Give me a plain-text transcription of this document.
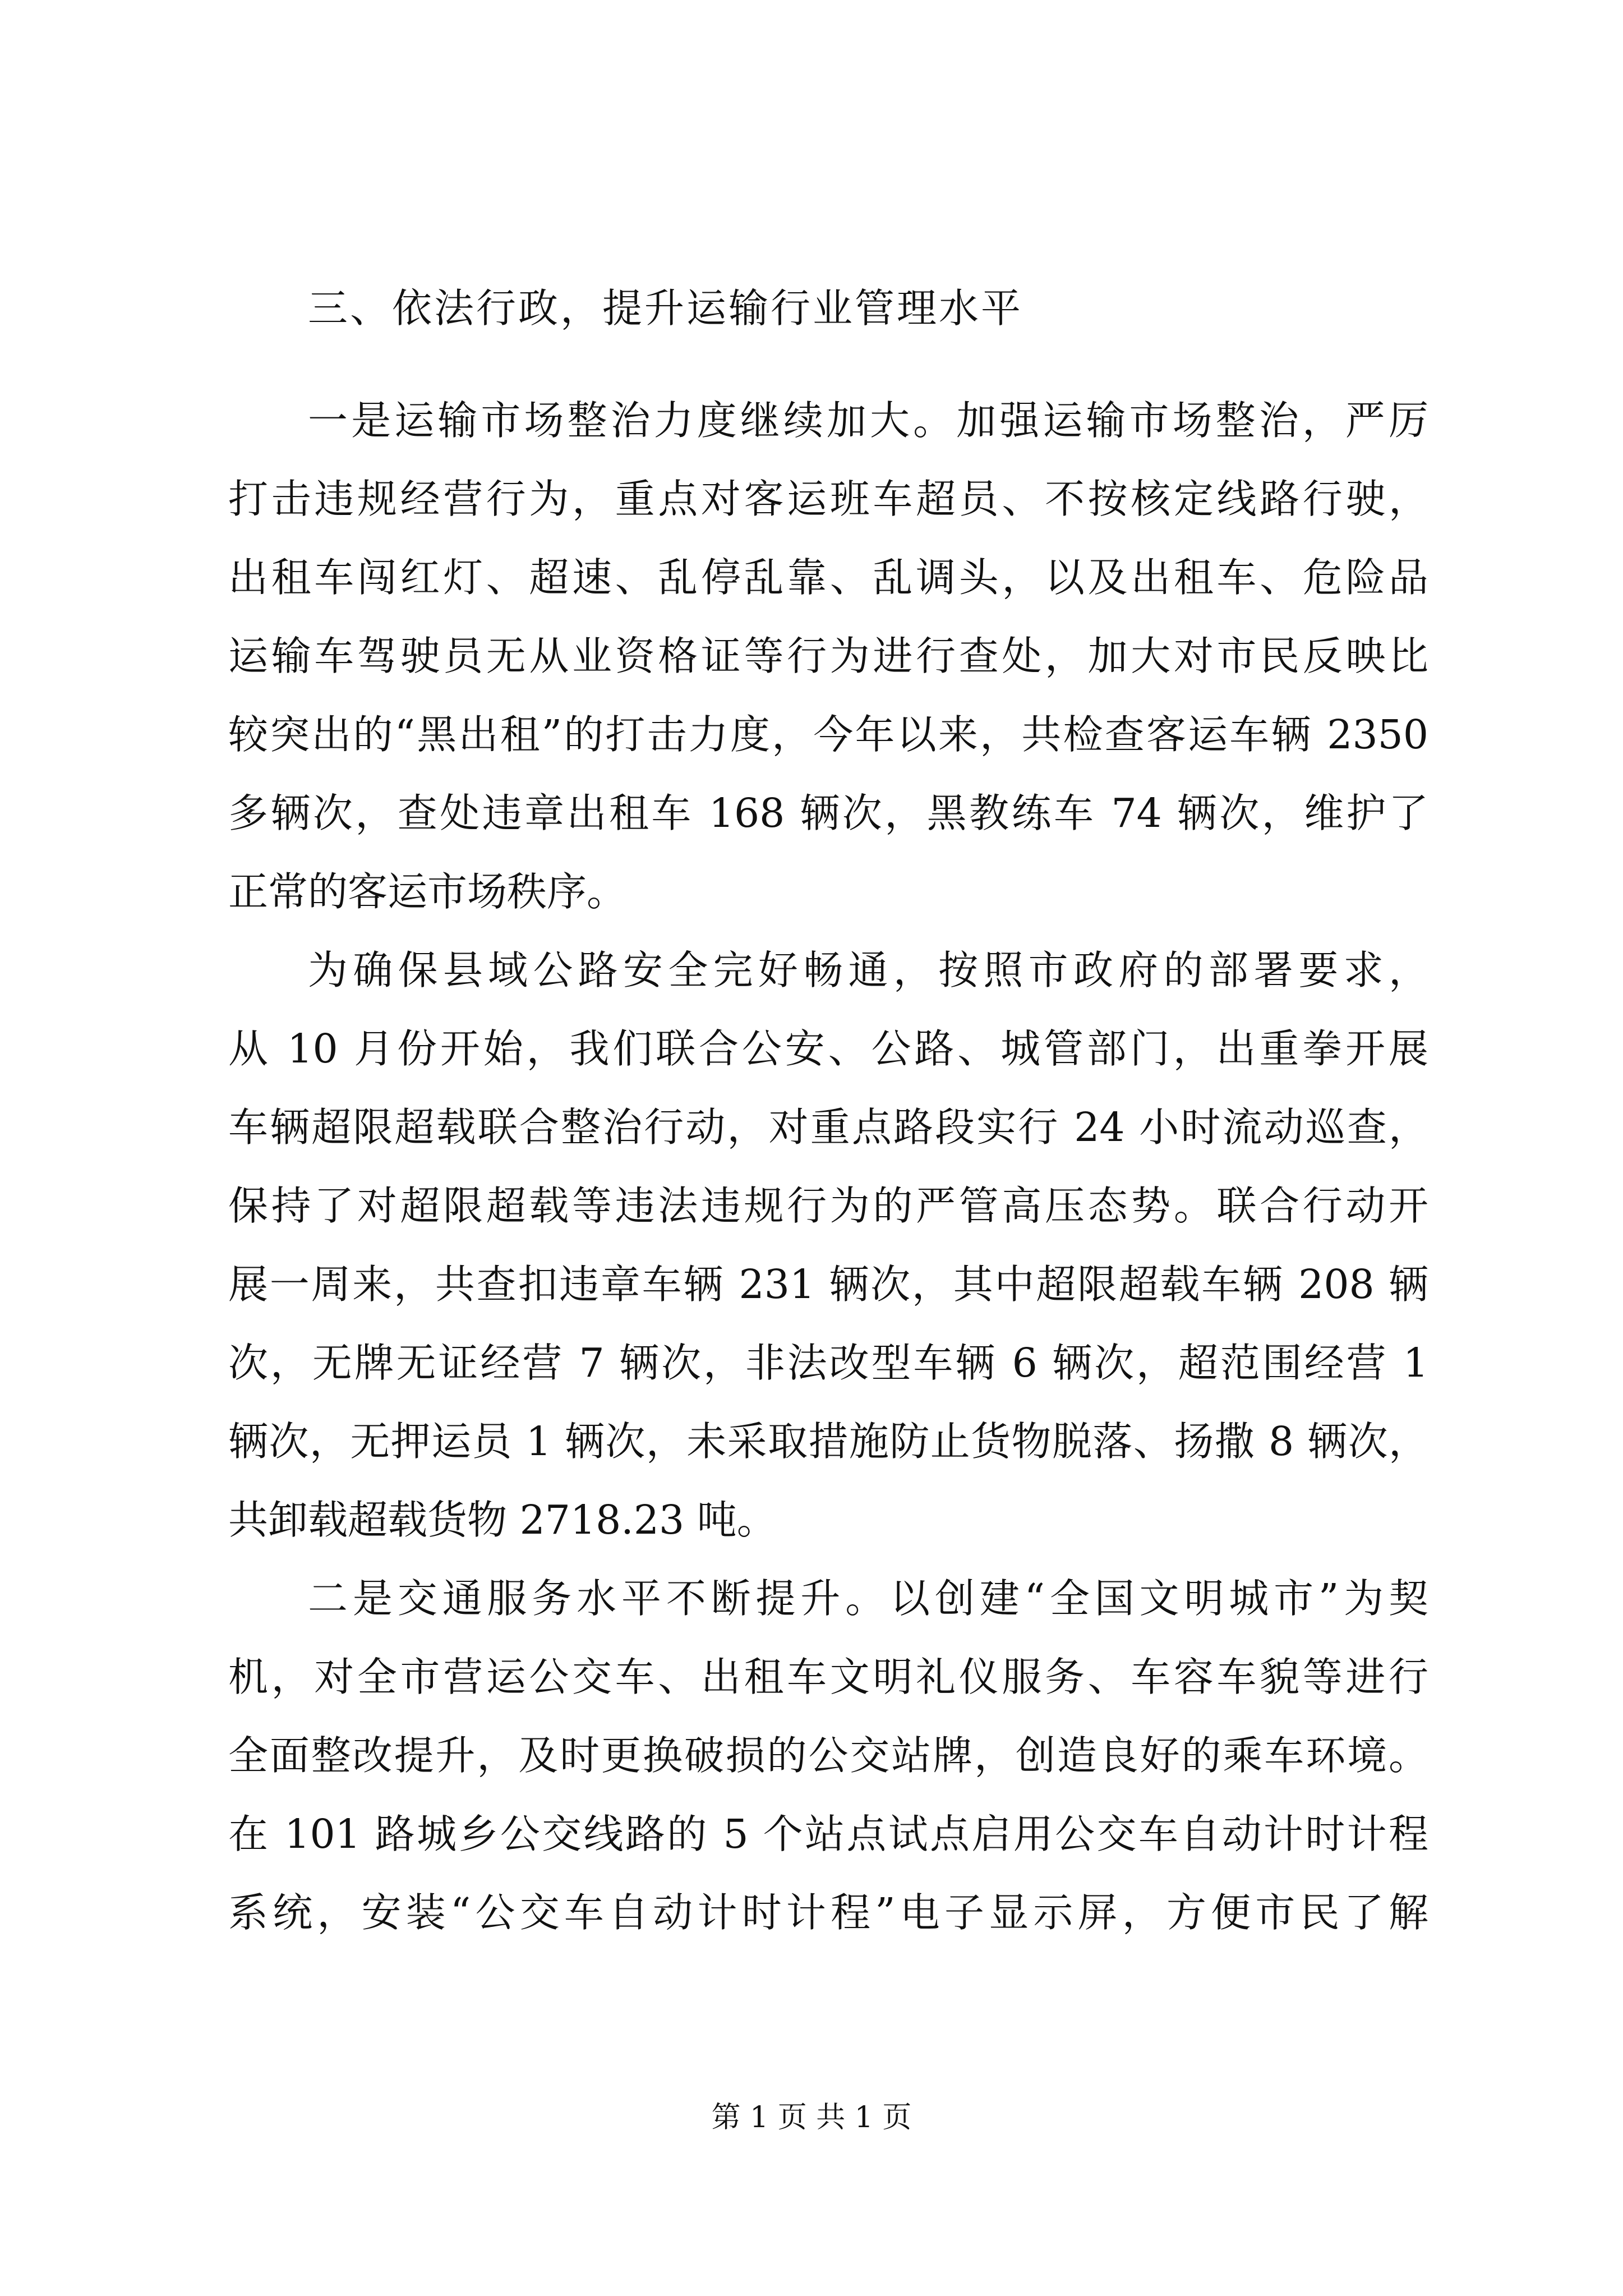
三、依法行政，提升运输行业管理水平
一是运输市场整治力度继续加大。加强运输市场整治，严厉
打击违规经营行为，重点对客运班车超员、不按核定线路行驶，
出租车闯红灯、超速、乱停乱靠、乱调头，以及出租车、危险品
运输车驾驶员无从业资格证等行为进行查处，加大对市民反映比
较突出的“黑出租”的打击力度，今年以来，共检查客运车辆 2350
多辆次，查处违章出租车 168 辆次，黑教练车 74 辆次，维护了
正常的客运市场秩序。
为确保县域公路安全完好畅通，按照市政府的部署要求，
从 10 月份开始，我们联合公安、公路、城管部门，出重拳开展
车辆超限超载联合整治行动，对重点路段实行 24 小时流动巡查，
保持了对超限超载等违法违规行为的严管高压态势。联合行动开
展一周来，共查扣违章车辆 231 辆次，其中超限超载车辆 208 辆
次，无牌无证经营 7 辆次，非法改型车辆 6 辆次，超范围经营 1
辆次，无押运员 1 辆次，未采取措施防止货物脱落、扬撒 8 辆次，
共卸载超载货物 2718.23 吨。
二是交通服务水平不断提升。以创建“全国文明城市”为契
机，对全市营运公交车、出租车文明礼仪服务、车容车貌等进行
全面整改提升，及时更换破损的公交站牌，创造良好的乘车环境。
在 101 路城乡公交线路的 5 个站点试点启用公交车自动计时计程
系统，安装“公交车自动计时计程”电子显示屏，方便市民了解
第 1 页 共 1 页
